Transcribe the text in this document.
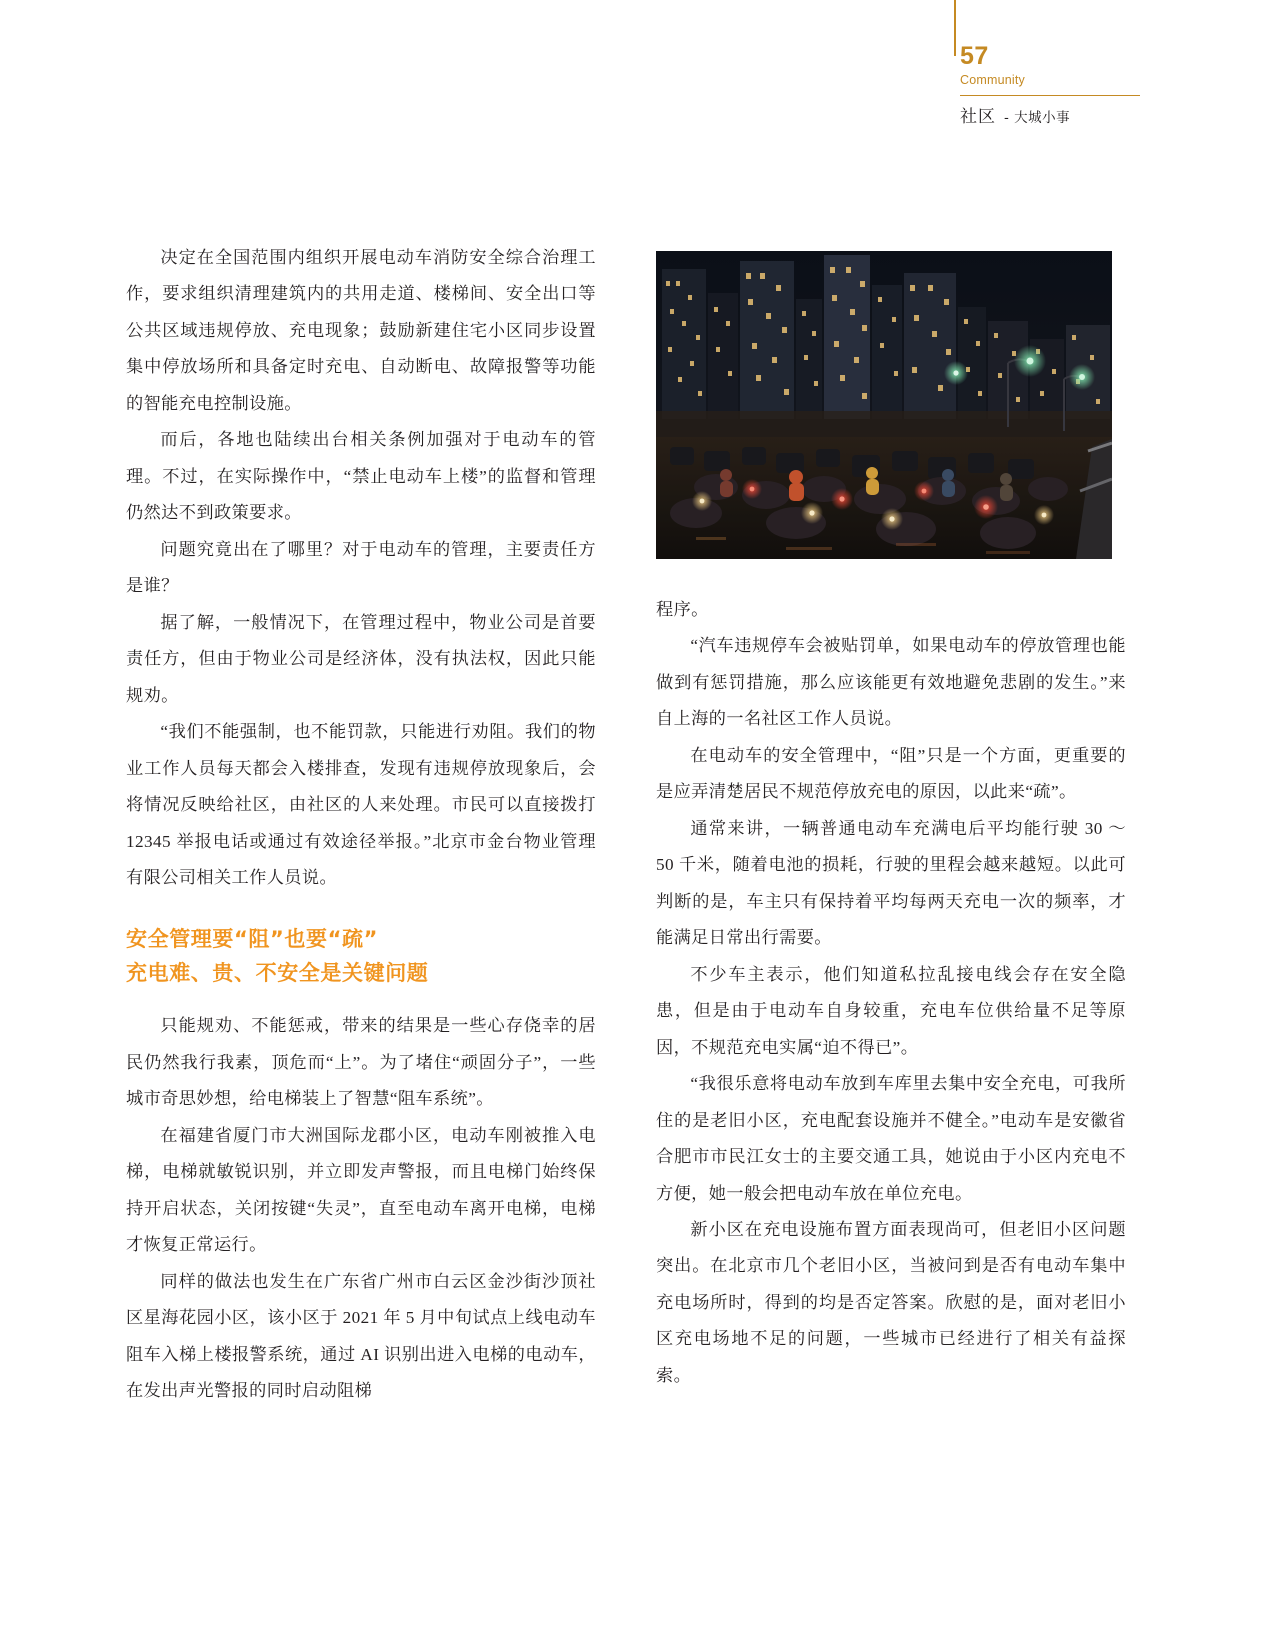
57
Community
社区 - 大城小事

决定在全国范围内组织开展电动车消防安全综合治理工作，要求组织清理建筑内的共用走道、楼梯间、安全出口等公共区域违规停放、充电现象；鼓励新建住宅小区同步设置集中停放场所和具备定时充电、自动断电、故障报警等功能的智能充电控制设施。

而后，各地也陆续出台相关条例加强对于电动车的管理。不过，在实际操作中，“禁止电动车上楼”的监督和管理仍然达不到政策要求。

问题究竟出在了哪里？对于电动车的管理，主要责任方是谁？

据了解，一般情况下，在管理过程中，物业公司是首要责任方，但由于物业公司是经济体，没有执法权，因此只能规劝。

“我们不能强制，也不能罚款，只能进行劝阻。我们的物业工作人员每天都会入楼排查，发现有违规停放现象后，会将情况反映给社区，由社区的人来处理。市民可以直接拨打 12345 举报电话或通过有效途径举报。”北京市金台物业管理有限公司相关工作人员说。

安全管理要“阻”也要“疏”
充电难、贵、不安全是关键问题

只能规劝、不能惩戒，带来的结果是一些心存侥幸的居民仍然我行我素，顶危而“上”。为了堵住“顽固分子”，一些城市奇思妙想，给电梯装上了智慧“阻车系统”。

在福建省厦门市大洲国际龙郡小区，电动车刚被推入电梯，电梯就敏锐识别，并立即发声警报，而且电梯门始终保持开启状态，关闭按键“失灵”，直至电动车离开电梯，电梯才恢复正常运行。

同样的做法也发生在广东省广州市白云区金沙街沙顶社区星海花园小区，该小区于 2021 年 5 月中旬试点上线电动车阻车入梯上楼报警系统，通过 AI 识别出进入电梯的电动车，在发出声光警报的同时启动阻梯

程序。

“汽车违规停车会被贴罚单，如果电动车的停放管理也能做到有惩罚措施，那么应该能更有效地避免悲剧的发生。”来自上海的一名社区工作人员说。

在电动车的安全管理中，“阻”只是一个方面，更重要的是应弄清楚居民不规范停放充电的原因，以此来“疏”。

通常来讲，一辆普通电动车充满电后平均能行驶 30 ～ 50 千米，随着电池的损耗，行驶的里程会越来越短。以此可判断的是，车主只有保持着平均每两天充电一次的频率，才能满足日常出行需要。

不少车主表示，他们知道私拉乱接电线会存在安全隐患，但是由于电动车自身较重，充电车位供给量不足等原因，不规范充电实属“迫不得已”。

“我很乐意将电动车放到车库里去集中安全充电，可我所住的是老旧小区，充电配套设施并不健全。”电动车是安徽省合肥市市民江女士的主要交通工具，她说由于小区内充电不方便，她一般会把电动车放在单位充电。

新小区在充电设施布置方面表现尚可，但老旧小区问题突出。在北京市几个老旧小区，当被问到是否有电动车集中充电场所时，得到的均是否定答案。欣慰的是，面对老旧小区充电场地不足的问题，一些城市已经进行了相关有益探索。
